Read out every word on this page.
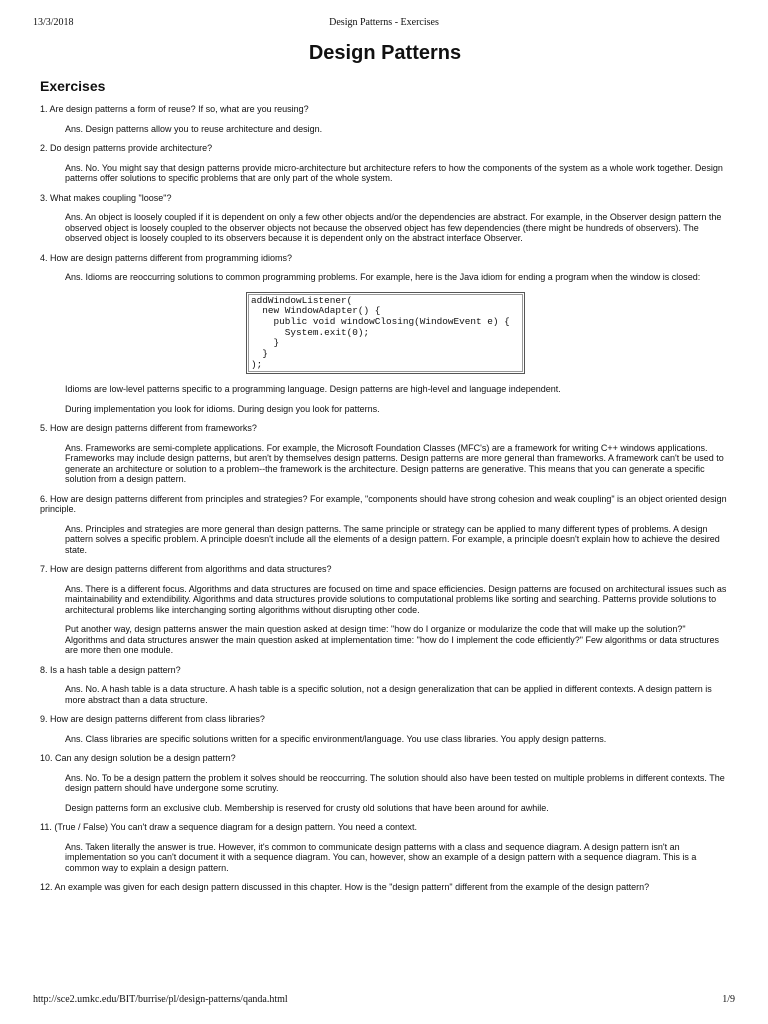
13/3/2018	Design Patterns - Exercises
Design Patterns
Exercises

1. Are design patterns a form of reuse? If so, what are you reusing?

Ans. Design patterns allow you to reuse architecture and design.

2. Do design patterns provide architecture?

Ans. No. You might say that design patterns provide micro-architecture but architecture refers to how the components of the system as a whole work together. Design patterns offer solutions to specific problems that are only part of the whole system.

3. What makes coupling "loose"?

Ans. An object is loosely coupled if it is dependent on only a few other objects and/or the dependencies are abstract. For example, in the Observer design pattern the observed object is loosely coupled to the observer objects not because the observed object has few dependencies (there might be hundreds of observers). The observed object is loosely coupled to its observers because it is dependent only on the abstract interface Observer.

4. How are design patterns different from programming idioms?

Ans. Idioms are reoccurring solutions to common programming problems. For example, here is the Java idiom for ending a program when the window is closed:

addWindowListener(
new WindowAdapter() {
public void windowClosing(WindowEvent e) {
System.exit(0);
}
}
);

Idioms are low-level patterns specific to a programming language. Design patterns are high-level and language independent.

During implementation you look for idioms. During design you look for patterns.

5. How are design patterns different from frameworks?

Ans. Frameworks are semi-complete applications. For example, the Microsoft Foundation Classes (MFC's) are a framework for writing C++ windows applications. Frameworks may include design patterns, but aren't by themselves design patterns. Design patterns are more general than frameworks. A framework can't be used to generate an architecture or solution to a problem--the framework is the architecture. Design patterns are generative. This means that you can generate a specific solution from a design pattern.

6. How are design patterns different from principles and strategies? For example, "components should have strong cohesion and weak coupling" is an object oriented design principle.

Ans. Principles and strategies are more general than design patterns. The same principle or strategy can be applied to many different types of problems. A design pattern solves a specific problem. A principle doesn't include all the elements of a design pattern. For example, a principle doesn't explain how to achieve the desired state.

7. How are design patterns different from algorithms and data structures?

Ans. There is a different focus. Algorithms and data structures are focused on time and space efficiencies. Design patterns are focused on architectural issues such as maintainability and extendibility. Algorithms and data structures provide solutions to computational problems like sorting and searching. Patterns provide solutions to architectural problems like interchanging sorting algorithms without disrupting other code.

Put another way, design patterns answer the main question asked at design time: "how do I organize or modularize the code that will make up the solution?" Algorithms and data structures answer the main question asked at implementation time: "how do I implement the code efficiently?" Few algorithms or data structures are more then one module.

8. Is a hash table a design pattern?

Ans. No. A hash table is a data structure. A hash table is a specific solution, not a design generalization that can be applied in different contexts. A design pattern is more abstract than a data structure.

9. How are design patterns different from class libraries?

Ans. Class libraries are specific solutions written for a specific environment/language. You use class libraries. You apply design patterns.

10. Can any design solution be a design pattern?

Ans. No. To be a design pattern the problem it solves should be reoccurring. The solution should also have been tested on multiple problems in different contexts. The design pattern should have undergone some scrutiny.

Design patterns form an exclusive club. Membership is reserved for crusty old solutions that have been around for awhile.

11. (True / False) You can't draw a sequence diagram for a design pattern. You need a context.

Ans. Taken literally the answer is true. However, it's common to communicate design patterns with a class and sequence diagram. A design pattern isn't an implementation so you can't document it with a sequence diagram. You can, however, show an example of a design pattern with a sequence diagram. This is a common way to explain a design pattern.

12. An example was given for each design pattern discussed in this chapter. How is the "design pattern" different from the example of the design pattern?

http://sce2.umkc.edu/BIT/burrise/pl/design-patterns/qanda.html	1/9
